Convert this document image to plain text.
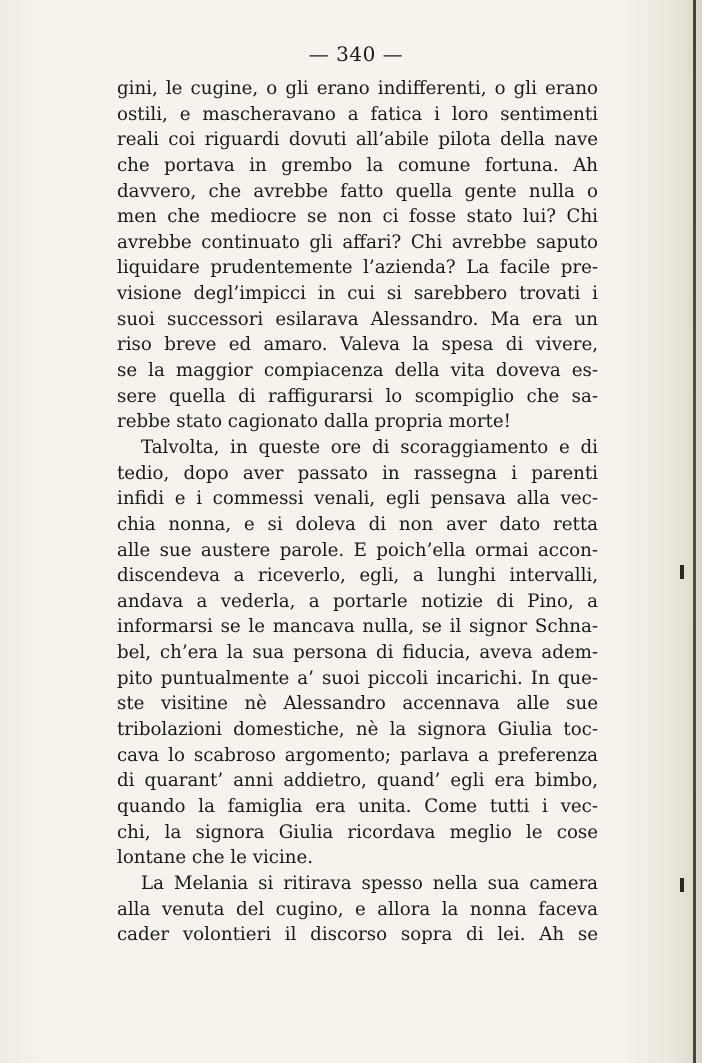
— 340 —
gini, le cugine, o gli erano indifferenti, o gli erano
ostili, e mascheravano a fatica i loro sentimenti
reali coi riguardi dovuti all’abile pilota della nave
che portava in grembo la comune fortuna. Ah
davvero, che avrebbe fatto quella gente nulla o
men che mediocre se non ci fosse stato lui? Chi
avrebbe continuato gli affari? Chi avrebbe saputo
liquidare prudentemente l’azienda? La facile pre-
visione degl’impicci in cui si sarebbero trovati i
suoi successori esilarava Alessandro. Ma era un
riso breve ed amaro. Valeva la spesa di vivere,
se la maggior compiacenza della vita doveva es-
sere quella di raffigurarsi lo scompiglio che sa-
rebbe stato cagionato dalla propria morte!
Talvolta, in queste ore di scoraggiamento e di
tedio, dopo aver passato in rassegna i parenti
infidi e i commessi venali, egli pensava alla vec-
chia nonna, e si doleva di non aver dato retta
alle sue austere parole. E poich’ella ormai accon-
discendeva a riceverlo, egli, a lunghi intervalli,
andava a vederla, a portarle notizie di Pino, a
informarsi se le mancava nulla, se il signor Schna-
bel, ch’era la sua persona di fiducia, aveva adem-
pito puntualmente a’ suoi piccoli incarichi. In que-
ste visitine nè Alessandro accennava alle sue
tribolazioni domestiche, nè la signora Giulia toc-
cava lo scabroso argomento; parlava a preferenza
di quarant’ anni addietro, quand’ egli era bimbo,
quando la famiglia era unita. Come tutti i vec-
chi, la signora Giulia ricordava meglio le cose
lontane che le vicine.
La Melania si ritirava spesso nella sua camera
alla venuta del cugino, e allora la nonna faceva
cader volontieri il discorso sopra di lei. Ah se
